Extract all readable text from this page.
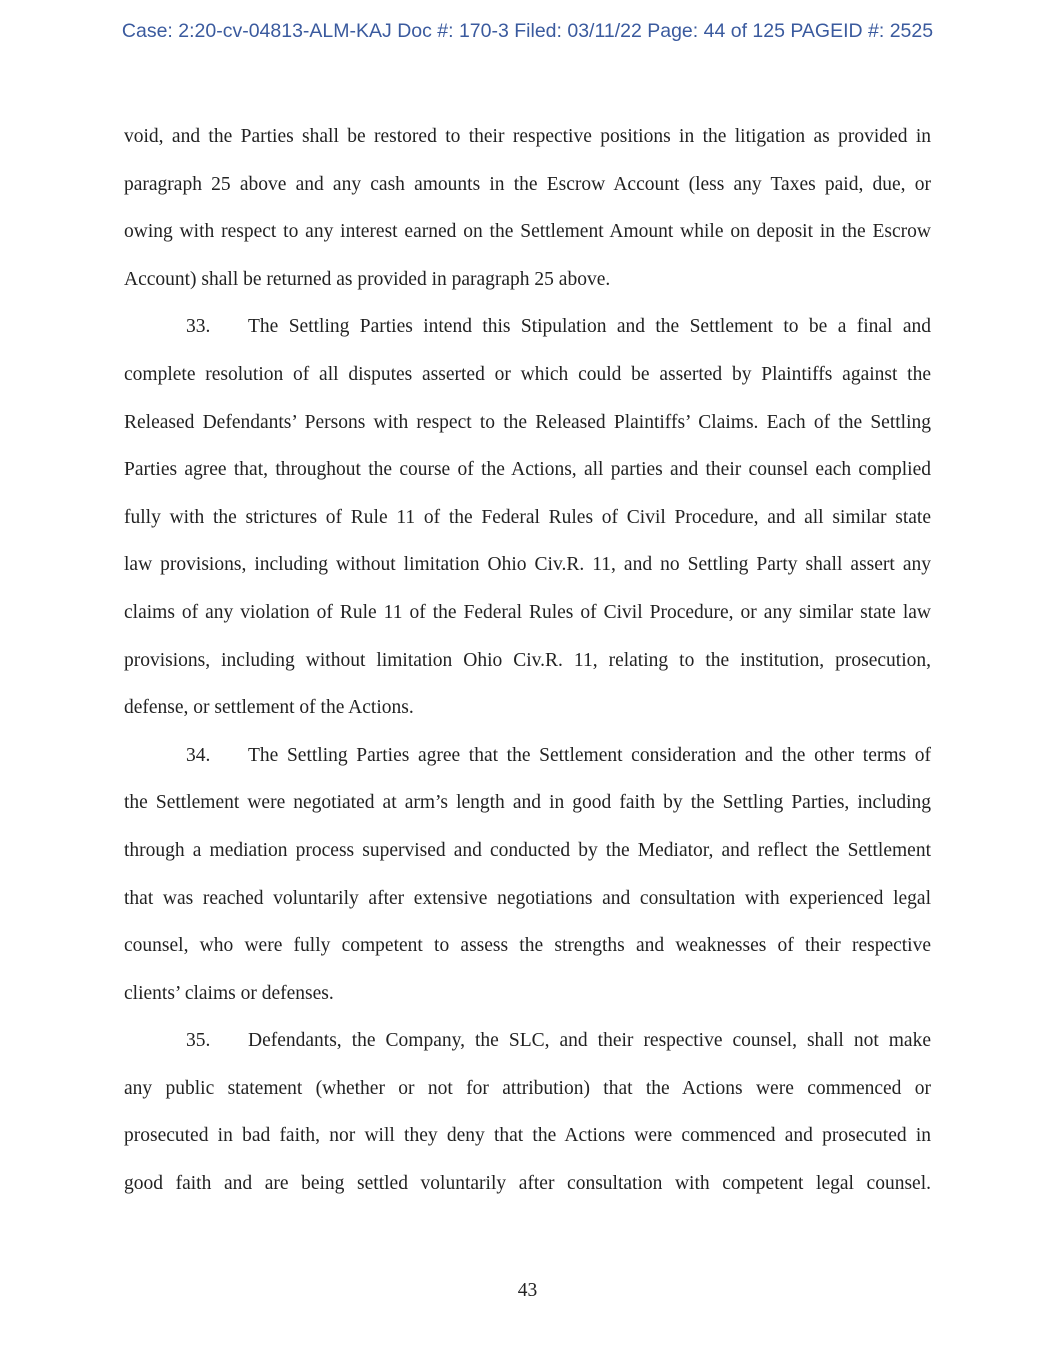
Case: 2:20-cv-04813-ALM-KAJ Doc #: 170-3 Filed: 03/11/22 Page: 44 of 125 PAGEID #: 2525
void, and the Parties shall be restored to their respective positions in the litigation as provided in
paragraph 25 above and any cash amounts in the Escrow Account (less any Taxes paid, due, or
owing with respect to any interest earned on the Settlement Amount while on deposit in the Escrow
Account) shall be returned as provided in paragraph 25 above.
33.	The Settling Parties intend this Stipulation and the Settlement to be a final and
complete resolution of all disputes asserted or which could be asserted by Plaintiffs against the
Released Defendants’ Persons with respect to the Released Plaintiffs’ Claims. Each of the Settling
Parties agree that, throughout the course of the Actions, all parties and their counsel each complied
fully with the strictures of Rule 11 of the Federal Rules of Civil Procedure, and all similar state
law provisions, including without limitation Ohio Civ.R. 11, and no Settling Party shall assert any
claims of any violation of Rule 11 of the Federal Rules of Civil Procedure, or any similar state law
provisions, including without limitation Ohio Civ.R. 11, relating to the institution, prosecution,
defense, or settlement of the Actions.
34.	The Settling Parties agree that the Settlement consideration and the other terms of
the Settlement were negotiated at arm’s length and in good faith by the Settling Parties, including
through a mediation process supervised and conducted by the Mediator, and reflect the Settlement
that was reached voluntarily after extensive negotiations and consultation with experienced legal
counsel, who were fully competent to assess the strengths and weaknesses of their respective
clients’ claims or defenses.
35.	Defendants, the Company, the SLC, and their respective counsel, shall not make
any public statement (whether or not for attribution) that the Actions were commenced or
prosecuted in bad faith, nor will they deny that the Actions were commenced and prosecuted in
good faith and are being settled voluntarily after consultation with competent legal counsel.
43
